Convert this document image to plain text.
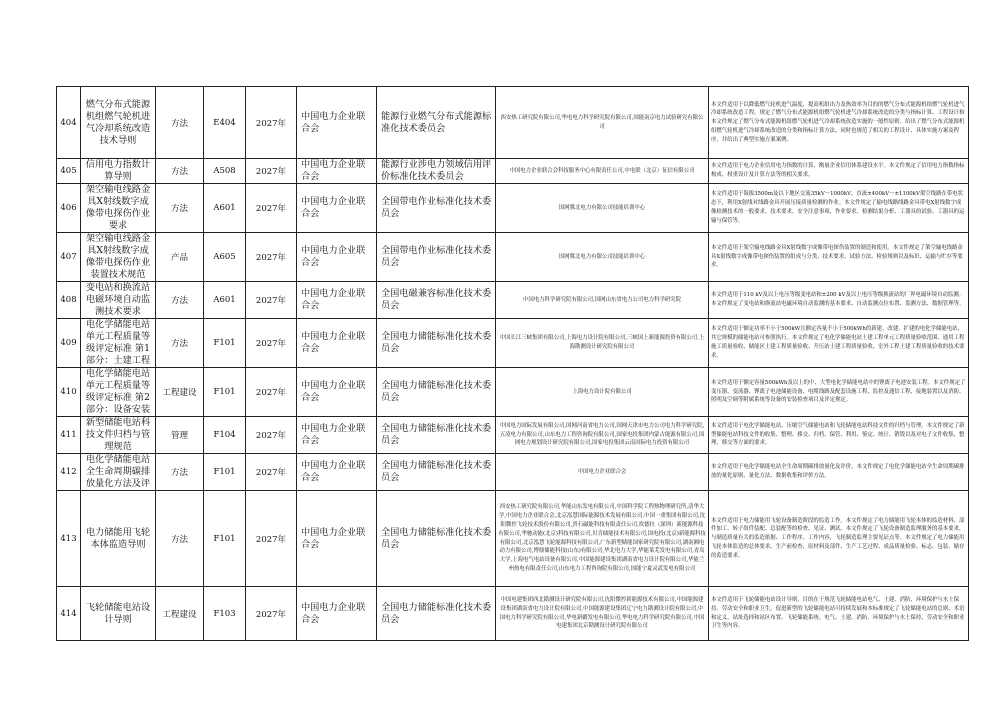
404	燃气分布式能源机组燃气轮机进气冷却系统改造技术导则	方法	E404	2027年	中国电力企业联合会	能源行业燃气分布式能源标准化技术委员会	西安热工研究院有限公司,华电电力科学研究院有限公司,国能南京电力试验研究有限公司	本文件适用于以降低燃气轮机进气温度、提高机组出力及热效率为目的的燃气分布式能源机组燃气轮机进气冷却系统改造工程。规定了燃气分布式能源机组燃气轮机进气冷却系统改造的分类与指标计算、工程设计和本文件规定了燃气分布式能源机组燃气轮机进气冷却系统改造实施的一般性原则。给出了燃气分布式能源机组燃气轮机进气冷却系统改造的分类和指标计算方法、同时也规范了相关的工程设计、具体实施方案及程序，并给出了典型实施方案案例。
405	信用电力指数计算导则	方法	A508	2027年	中国电力企业联合会	能源行业涉电力领域信用评价标准化技术委员会	中国电力企业联合会科技服务中心有限责任公司,中电联（北京）征信有限公司	本文件适用于电力企业信用电力指数的计算，衡量企业信用体系建设水平。本文件规定了信用电力指数指标构成、权重设计及计算方法等的相关要求。
406	架空输电线路金具X射线数字成像带电探伤作业要求	方法	A601	2027年	中国电力企业联合会	全国带电作业标准化技术委员会	国网冀北电力有限公司技能培训中心	本文件适用于海拔3500m及以下地区交流35kV～1000kV、直流±400kV～±1100kV架空线路在带电状态下，利用X射线对线路金具开展压接质量检测的作业。本文件规定了输电线路线路金具带电X射线数字成像检测技术的一般要求、技术要求、安全注意事项、作业要求、检测结果分析、工器具的试验、工器具的运输与保管等。
407	架空输电线路金具X射线数字成像带电探伤作业装置技术规范	产品	A605	2027年	中国电力企业联合会	全国带电作业标准化技术委员会	国网冀北电力有限公司技能培训中心	本文件适用于架空输电线路金具X射线数字成像带电探伤装置的制造和使用。本文件规定了架空输电线路金具X射线数字成像带电探伤装置的组成与分类、技术要求、试验方法、检验规则以及标识、运输与贮存等要求。
408	变电站和换流站电磁环境自动监测技术要求	方法	A601	2027年	中国电力企业联合会	全国电磁兼容标准化技术委员会	中国电力科学研究院有限公司,国网山东省电力公司电力科学研究院	本文件适用于110 kV及以上电压等级变电站和±200 kV及以上电压等级换流站的厂界电磁环境自动监测。本文件规定了变电站和换流站电磁环境自动监测的基本要求、自动监测点位布置、监测方法、数据管理等。
409	电化学储能电站单元工程质量等级评定标准 第1部分：土建工程	方法	F101	2027年	中国电力企业联合会	全国电力储能标准化技术委员会	中国长江三峡集团有限公司,上海电力设计院有限公司,三峡国上新能源投资有限公司,上海勘测设计研究院有限公司	本文件适用于额定功率不小于500kW且额定容量不小于500kWh的新建、改建、扩建的电化学储能电站，其它规模的储能电站可参照执行。本文件规定了电化学储能电站土建工程单元工程质量验收范围、通用工程施工质量验收、储能区土建工程质量验收、升压站土建工程质量验收、室外工程土建工程质量验收的技术要求。
410	电化学储能电站单元工程质量等级评定标准 第2部分：设备安装	工程建设	F101	2027年	中国电力企业联合会	全国电力储能标准化技术委员会	上海电力设计院有限公司	本文件适用于额定容量500kWh及以上的中、大型电化学储能电站中的锂离子电池安装工程。本文件规定了变压器、变流器、锂离子电池储能设备、电缆线路及配套设施工程、监控及通信工程、接地装置以及消防、照明及空调等附属系统等设备的安装检查项目及评定规定。
411	新型储能电站科技文件归档与管理规范	管理	F104	2027年	中国电力企业联合会	全国电力储能标准化技术委员会	中国电力国际发展有限公司,国网河南省电力公司,国网天津市电力公司电力科学研究院,五凌电力有限公司,山东电力工程咨询院有限公司,国家电投集团内蒙古能源有限公司,国网电力规划设计研究院有限公司,国家电投集团云南国际电力投资有限公司	本文件适用于电化学储能电站、压缩空气储能电站和飞轮储能电站科技文件的归档与管理。本文件规定了新型储能电站科技文件的收集、整理、移交、归档、保管、利用、鉴定、统计、销毁以及对电子文件收集、整理、移交等方面的要求。
412	电化学储能电站全生命周期碳排放量化方法及评	方法	F101	2027年	中国电力企业联合会	全国电力储能标准化技术委员会	中国电力企业联合会	本文件适用于电化学储能电站全生命周期碳排放量化及评价。本文件规定了电化学储能电站全生命周期碳排放的量化原则、量化方法、数据收集和评价方法。
413	电力储能用飞轮本体监造导则	方法	F101	2027年	中国电力企业联合会	全国电力储能标准化技术委员会	西安热工研究院有限公司,华能山东发电有限公司,中国科学院工程热物理研究所,清华大学,中国电力企业联合会,北京泓慧国际能源技术发展有限公司,中国一重集团有限公司,沈阳微控飞轮技术股份有限公司,贵石磁能科技有限责任公司,坎德拉（深圳）新能源科技有限公司,华驰动能(北京)科技有限公司,贝肯储能技术有限公司,国电投(北京)新能源科技有限公司,北京泓慧飞轮能源科技有限公司,广东新型储能国家研究院有限公司,湖南湘电动力有限公司,博鼎储能科技(山东)有限公司,华北电力大学,华能莱芜发电有限公司,青岛大学,上海电气电站设备有限公司,中国能源建设集团湖南省电力设计院有限公司,华能兰州热电有限责任公司,山东电力工程咨询院有限公司,国能宁夏灵武发电有限公司	本文件适用于电力储能用飞轮设备制造阶段的监造工作。本文件规定了电力储能用飞轮本体的监造材料、部件加工、转子组件装配、总装配等的检查、见证、测试。本文件规定了飞轮设备制造监理服务的基本要求，与制造质量有关的监造依据、工作程序、工作内容，飞轮制造监理主要见证点等。本文件规定了电力储能用飞轮本体监造的总体要求、生产前检查、原材料及部件、生产工艺过程、成品质量检验、标志、包装、储存的监造要求。
414	飞轮储能电站设计导则	工程建设	F103	2027年	中国电力企业联合会	全国电力储能标准化技术委员会	中国电建集团西北勘测设计研究院有限公司,沈阳微控新能源技术有限公司,中国能源建设集团湖南省电力设计院有限公司,中国能源建设集团辽宁电力勘测设计院有限公司,中国电力科学研究院有限公司,华电新疆发电有限公司,华电电力科学研究院有限公司,中国电建集团北京勘测设计研究院有限公司	本文件适用于飞轮储能电站设计导则，目的在于规范飞轮储能电站电气、土建、消防、环境保护与水土保持、劳动安全和职业卫生，促进新型的飞轮储能电站可持续发展和本标准规定了飞轮储能电站的总则、术语和定义、站址选择和站区布置、飞轮储能系统、电气、土建、消防、环境保护与水土保持、劳动安全和职业卫生等内容。
